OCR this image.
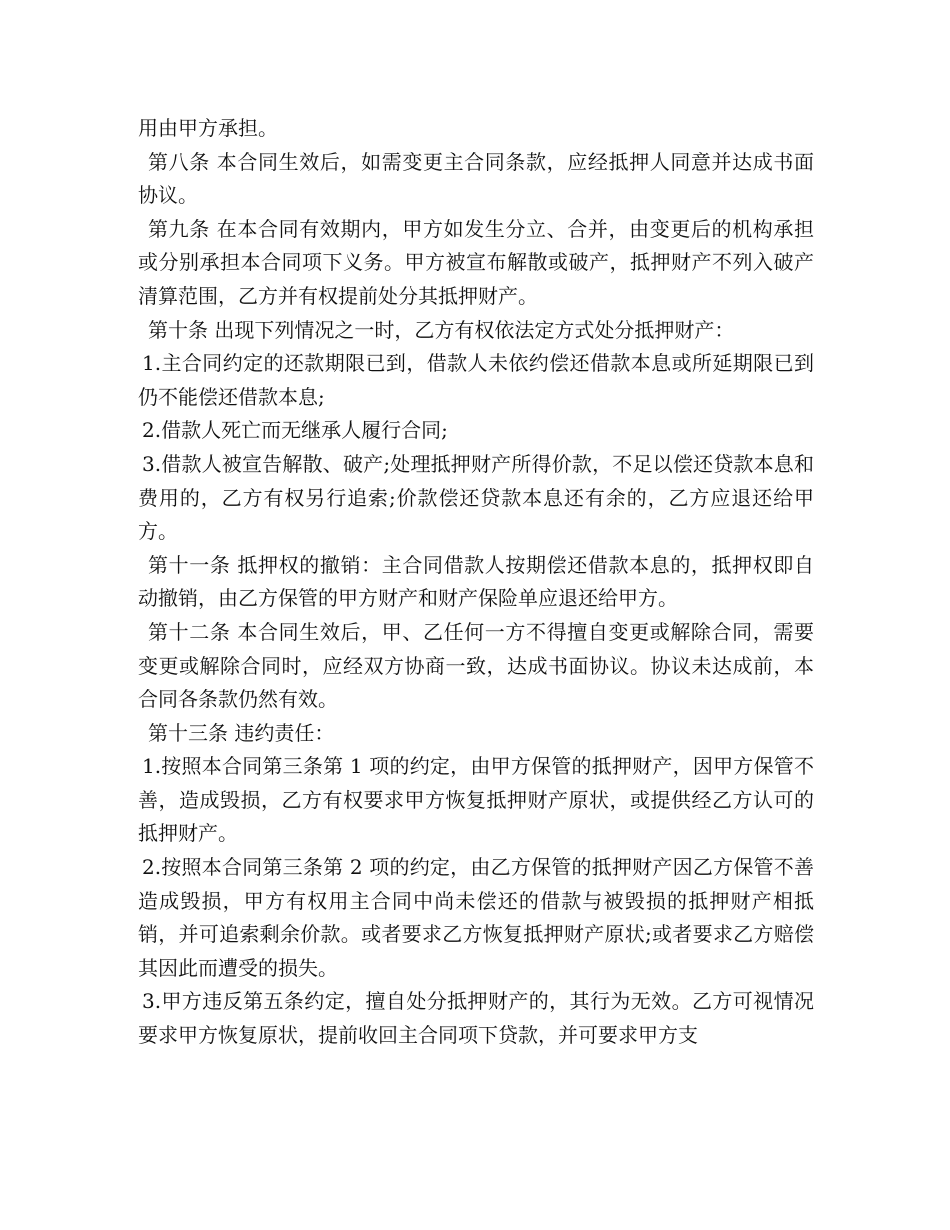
用由甲方承担。

第八条 本合同生效后，如需变更主合同条款，应经抵押人同意并达成书面协议。

第九条 在本合同有效期内，甲方如发生分立、合并，由变更后的机构承担或分别承担本合同项下义务。甲方被宣布解散或破产，抵押财产不列入破产清算范围，乙方并有权提前处分其抵押财产。

第十条 出现下列情况之一时，乙方有权依法定方式处分抵押财产：

1.主合同约定的还款期限已到，借款人未依约偿还借款本息或所延期限已到仍不能偿还借款本息;

2.借款人死亡而无继承人履行合同;

3.借款人被宣告解散、破产;处理抵押财产所得价款，不足以偿还贷款本息和费用的，乙方有权另行追索;价款偿还贷款本息还有余的，乙方应退还给甲方。

第十一条 抵押权的撤销：主合同借款人按期偿还借款本息的，抵押权即自动撤销，由乙方保管的甲方财产和财产保险单应退还给甲方。

第十二条 本合同生效后，甲、乙任何一方不得擅自变更或解除合同，需要变更或解除合同时，应经双方协商一致，达成书面协议。协议未达成前，本合同各条款仍然有效。

第十三条 违约责任：

1.按照本合同第三条第 1 项的约定，由甲方保管的抵押财产，因甲方保管不善，造成毁损，乙方有权要求甲方恢复抵押财产原状，或提供经乙方认可的抵押财产。

2.按照本合同第三条第 2 项的约定，由乙方保管的抵押财产因乙方保管不善造成毁损，甲方有权用主合同中尚未偿还的借款与被毁损的抵押财产相抵销，并可追索剩余价款。或者要求乙方恢复抵押财产原状;或者要求乙方赔偿其因此而遭受的损失。

3.甲方违反第五条约定，擅自处分抵押财产的，其行为无效。乙方可视情况要求甲方恢复原状，提前收回主合同项下贷款，并可要求甲方支
